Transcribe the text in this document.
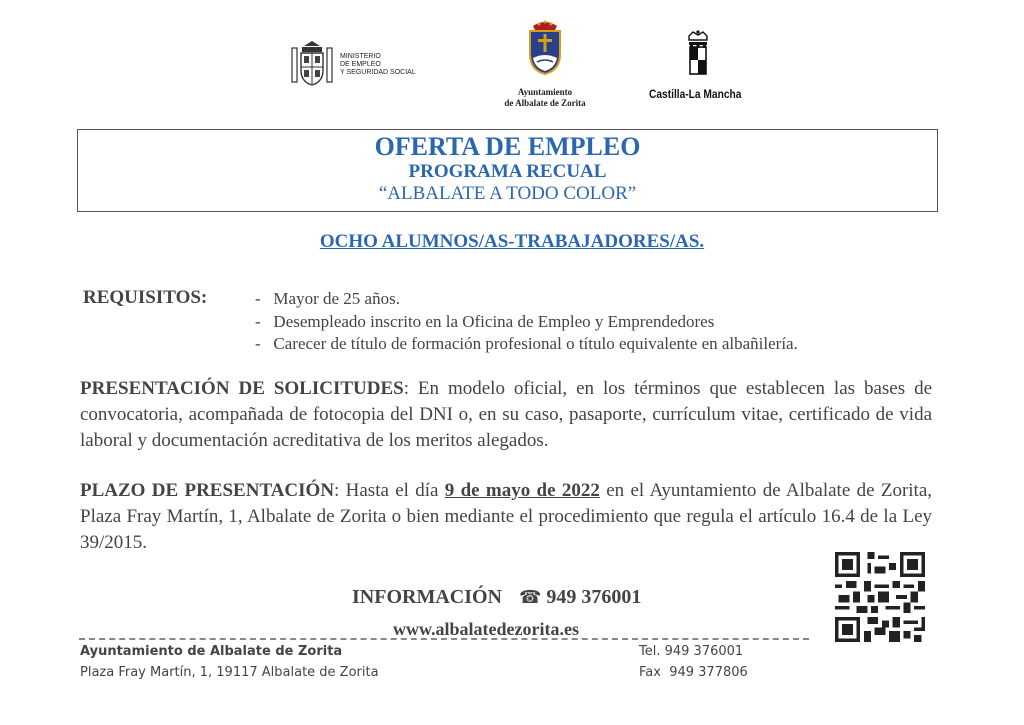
MINISTERIO
DE EMPLEO
Y SEGURIDAD SOCIAL
Ayuntamiento
de Albalate de Zorita
Castilla-La Mancha
OFERTA DE EMPLEO
PROGRAMA RECUAL
“ALBALATE A TODO COLOR”
OCHO ALUMNOS/AS-TRABAJADORES/AS.
REQUISITOS:	-   Mayor de 25 años.
-   Desempleado inscrito en la Oficina de Empleo y Emprendedores
-   Carecer de título de formación profesional o título equivalente en albañilería.
PRESENTACIÓN DE SOLICITUDES: En modelo oficial, en los términos que establecen las bases de convocatoria, acompañada de fotocopia del DNI o, en su caso, pasaporte, currículum vitae, certificado de vida laboral y documentación acreditativa de los meritos alegados.
PLAZO DE PRESENTACIÓN: Hasta el día 9 de mayo de 2022 en el Ayuntamiento de Albalate de Zorita, Plaza Fray Martín, 1, Albalate de Zorita o bien mediante el procedimiento que regula el artículo 16.4 de la Ley 39/2015.
INFORMACIÓN ☎ 949 376001
www.albalatedezorita.es
Ayuntamiento de Albalate de Zorita
Plaza Fray Martín, 1, 19117 Albalate de Zorita
Tel. 949 376001
Fax  949 377806
